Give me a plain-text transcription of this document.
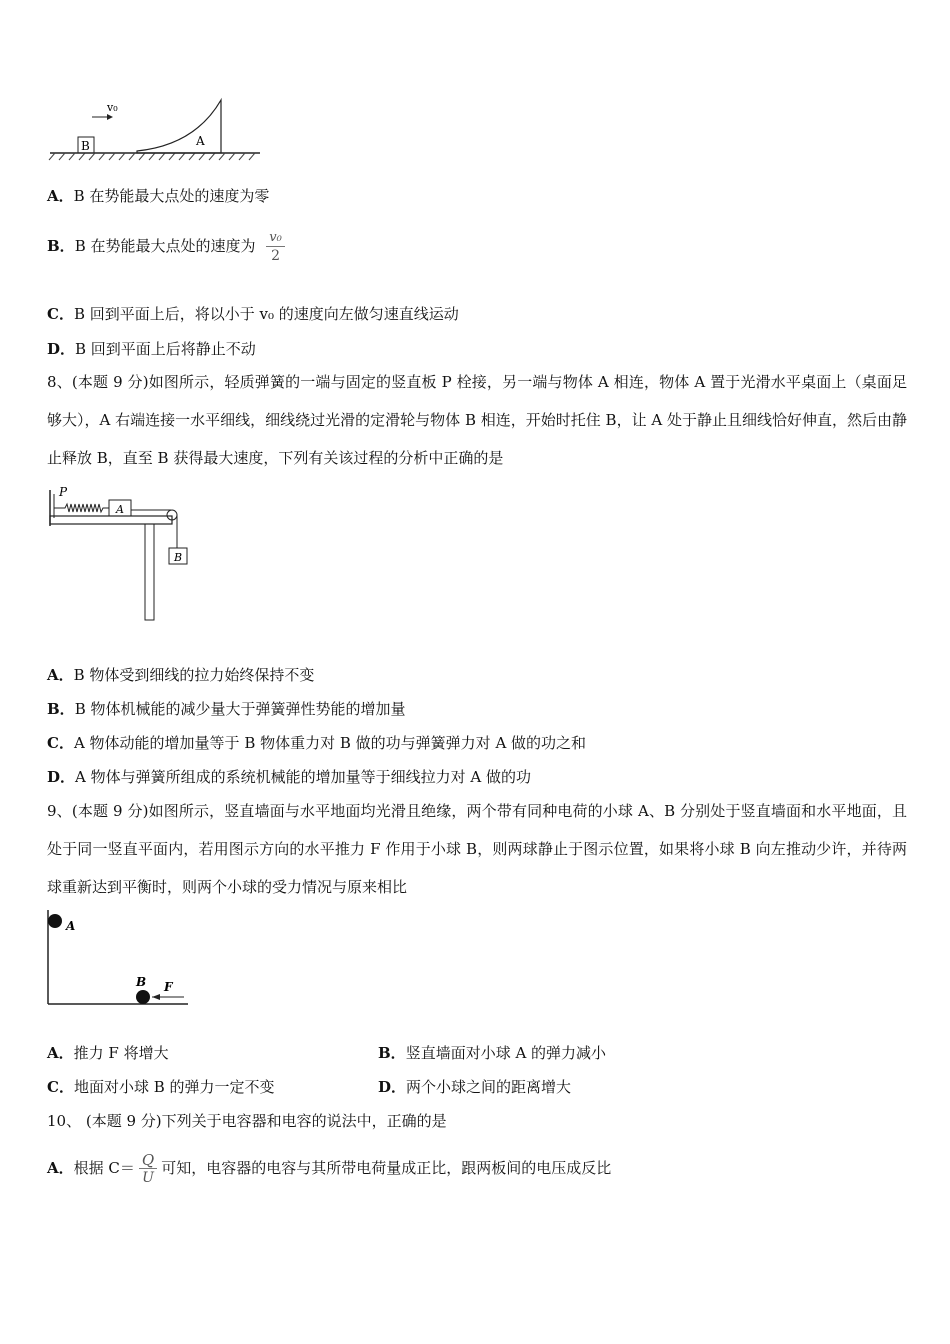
B
v₀
A
A．B 在势能最大点处的速度为零
B．B 在势能最大点处的速度为 $\frac{\text{v₀}}{2}$
C．B 回到平面上后，将以小于 v₀ 的速度向左做匀速直线运动
D．B 回到平面上后将静止不动
8、(本题 9 分)如图所示，轻质弹簧的一端与固定的竖直板 P 栓接，另一端与物体 A 相连，物体 A 置于光滑水平桌面上（桌面足够大），A 右端连接一水平细线，细线绕过光滑的定滑轮与物体 B 相连，开始时托住 B，让 A 处于静止且细线恰好伸直，然后由静止释放 B，直至 B 获得最大速度，下列有关该过程的分析中正确的是
P
A
B
A．B 物体受到细线的拉力始终保持不变
B．B 物体机械能的减少量大于弹簧弹性势能的增加量
C．A 物体动能的增加量等于 B 物体重力对 B 做的功与弹簧弹力对 A 做的功之和
D．A 物体与弹簧所组成的系统机械能的增加量等于细线拉力对 A 做的功
9、(本题 9 分)如图所示，竖直墙面与水平地面均光滑且绝缘，两个带有同种电荷的小球 A、B 分别处于竖直墙面和水平地面，且处于同一竖直平面内，若用图示方向的水平推力 F 作用于小球 B，则两球静止于图示位置，如果将小球 B 向左推动少许，并待两球重新达到平衡时，则两个小球的受力情况与原来相比
A
B F
A．推力 F 将增大	B．竖直墙面对小球 A 的弹力减小
C．地面对小球 B 的弹力一定不变	D．两个小球之间的距离增大
10、 (本题 9 分)下列关于电容器和电容的说法中，正确的是
A．根据 $C= \frac{Q}{U}$ 可知，电容器的电容与其所带电荷量成正比，跟两板间的电压成反比
